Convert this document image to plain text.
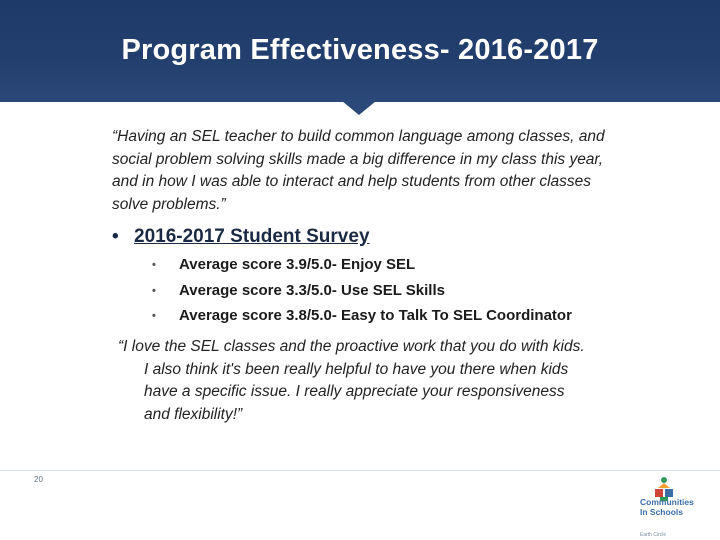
Program Effectiveness- 2016-2017
“Having an SEL teacher to build common language among classes, and social problem solving skills made a big difference in my class this year, and in how I was able to interact and help students from other classes solve problems.”
• 2016-2017 Student Survey
• Average score 3.9/5.0- Enjoy SEL
• Average score 3.3/5.0- Use SEL Skills
• Average score 3.8/5.0- Easy to Talk To SEL Coordinator
“I love the SEL classes and the proactive work that you do with kids.
I also think it's been really helpful to have you there when kids
have a specific issue. I really appreciate your responsiveness
and flexibility!”
20
Communities
In Schools
Earth Circle
